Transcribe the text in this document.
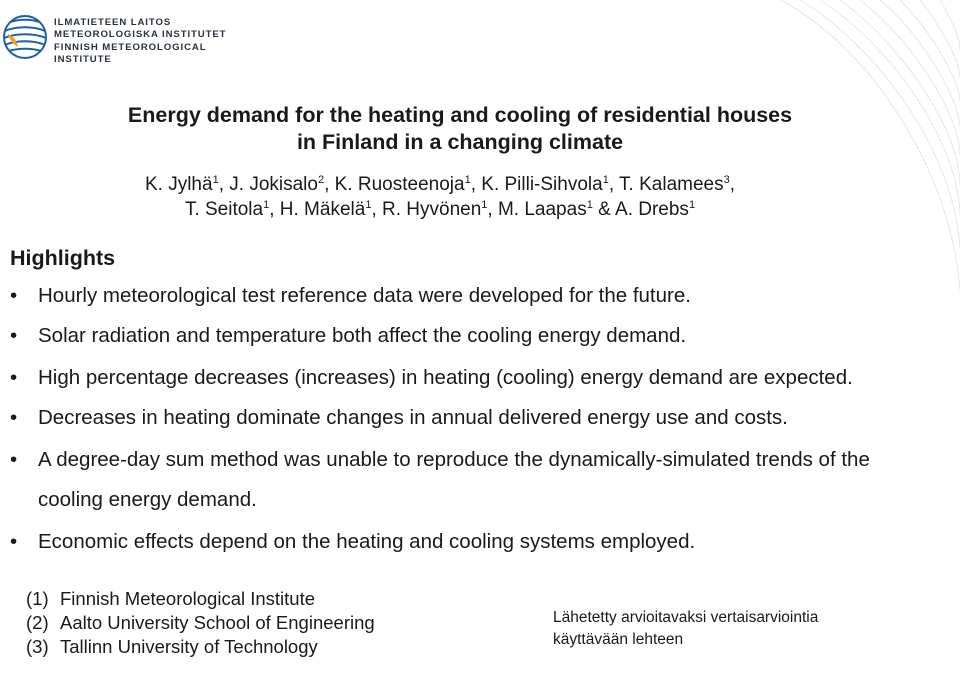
ILMATIETEEN LAITOS
METEOROLOGISKA INSTITUTET
FINNISH METEOROLOGICAL INSTITUTE
Energy demand for the heating and cooling of residential houses
in Finland in a changing climate
K. Jylhä$^1$, J. Jokisalo$^2$, K. Ruosteenoja$^1$, K. Pilli-Sihvola$^1$, T. Kalamees$^3$,
T. Seitola$^1$, H. Mäkelä$^1$, R. Hyvönen$^1$, M. Laapas$^1$ & A. Drebs$^1$
Highlights
• Hourly meteorological test reference data were developed for the future.
• Solar radiation and temperature both affect the cooling energy demand.
• High percentage decreases (increases) in heating (cooling) energy demand are expected.
• Decreases in heating dominate changes in annual delivered energy use and costs.
• A degree-day sum method was unable to reproduce the dynamically-simulated trends of the
cooling energy demand.
• Economic effects depend on the heating and cooling systems employed.
(1) Finnish Meteorological Institute
(2) Aalto University School of Engineering
(3) Tallinn University of Technology
Lähetetty arvioitavaksi vertaisarviointia
käyttävään lehteen
